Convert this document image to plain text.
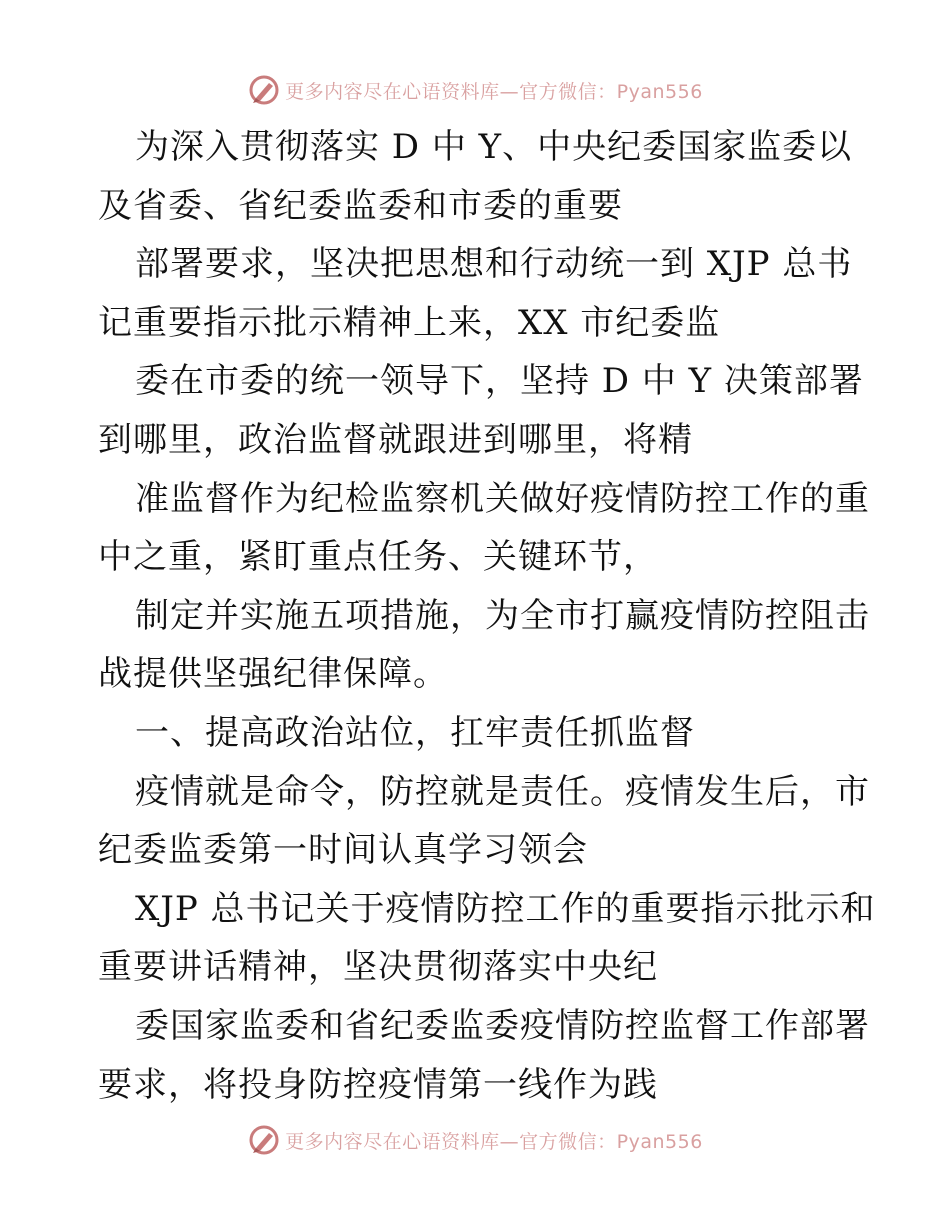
更多内容尽在心语资料库—官方微信：Pyan556
为深入贯彻落实 D 中 Y、中央纪委国家监委以
及省委、省纪委监委和市委的重要
部署要求，坚决把思想和行动统一到 XJP 总书
记重要指示批示精神上来，XX 市纪委监
委在市委的统一领导下，坚持 D 中 Y 决策部署
到哪里，政治监督就跟进到哪里，将精
准监督作为纪检监察机关做好疫情防控工作的重
中之重，紧盯重点任务、关键环节，
制定并实施五项措施，为全市打赢疫情防控阻击
战提供坚强纪律保障。
一、提高政治站位，扛牢责任抓监督
疫情就是命令，防控就是责任。疫情发生后，市
纪委监委第一时间认真学习领会
XJP 总书记关于疫情防控工作的重要指示批示和
重要讲话精神，坚决贯彻落实中央纪
委国家监委和省纪委监委疫情防控监督工作部署
要求，将投身防控疫情第一线作为践
更多内容尽在心语资料库—官方微信：Pyan556
